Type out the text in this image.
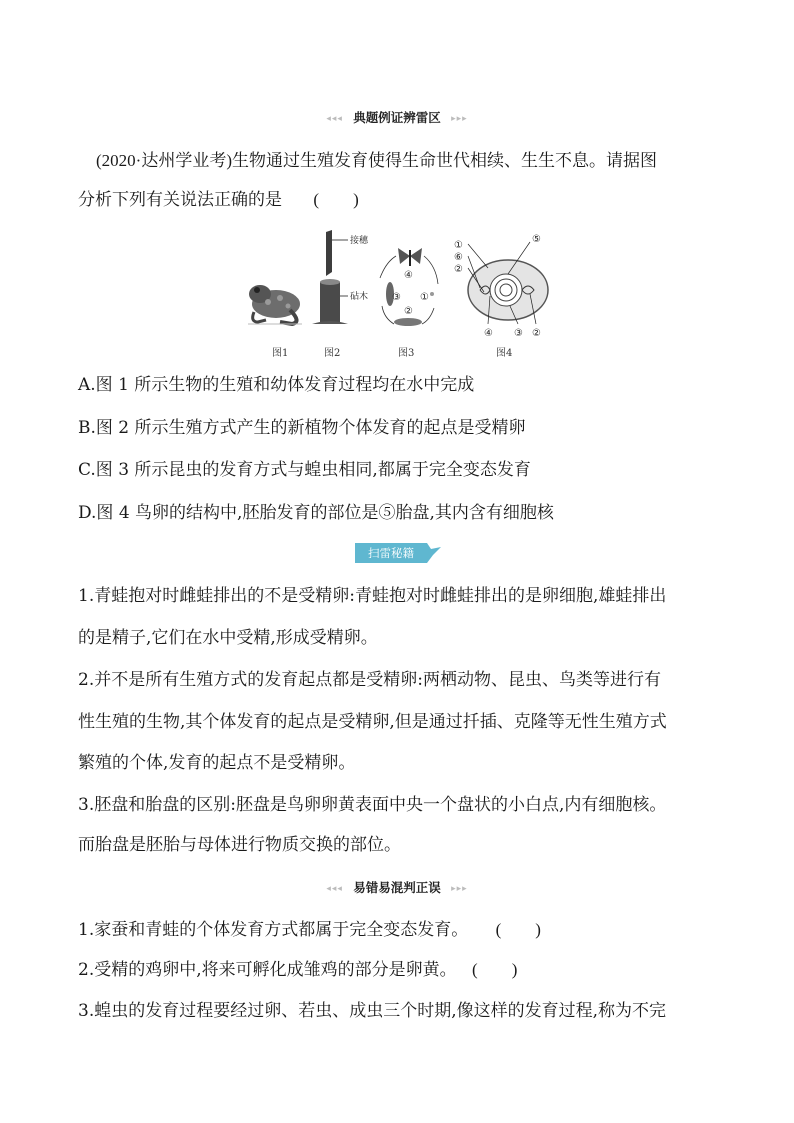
◂◂◂ 典题例证辨雷区 ▸▸▸
(2020·达州学业考)生物通过生殖发育使得生命世代相续、生生不息。请据图
分析下列有关说法正确的是 (　　)
接穗
砧木
④
③ ①
②
①
⑥
②
⑤
④ ③ ②
图1	图2	图3	图4
A.图 1 所示生物的生殖和幼体发育过程均在水中完成
B.图 2 所示生殖方式产生的新植物个体发育的起点是受精卵
C.图 3 所示昆虫的发育方式与蝗虫相同,都属于完全变态发育
D.图 4 鸟卵的结构中,胚胎发育的部位是⑤胎盘,其内含有细胞核
扫雷秘籍
1.青蛙抱对时雌蛙排出的不是受精卵:青蛙抱对时雌蛙排出的是卵细胞,雄蛙排出
的是精子,它们在水中受精,形成受精卵。
2.并不是所有生殖方式的发育起点都是受精卵:两栖动物、昆虫、鸟类等进行有
性生殖的生物,其个体发育的起点是受精卵,但是通过扦插、克隆等无性生殖方式
繁殖的个体,发育的起点不是受精卵。
3.胚盘和胎盘的区别:胚盘是鸟卵卵黄表面中央一个盘状的小白点,内有细胞核。
而胎盘是胚胎与母体进行物质交换的部位。
◂◂◂ 易错易混判正误 ▸▸▸
1.家蚕和青蛙的个体发育方式都属于完全变态发育。 (　　)
2.受精的鸡卵中,将来可孵化成雏鸡的部分是卵黄。 (　　)
3.蝗虫的发育过程要经过卵、若虫、成虫三个时期,像这样的发育过程,称为不完
